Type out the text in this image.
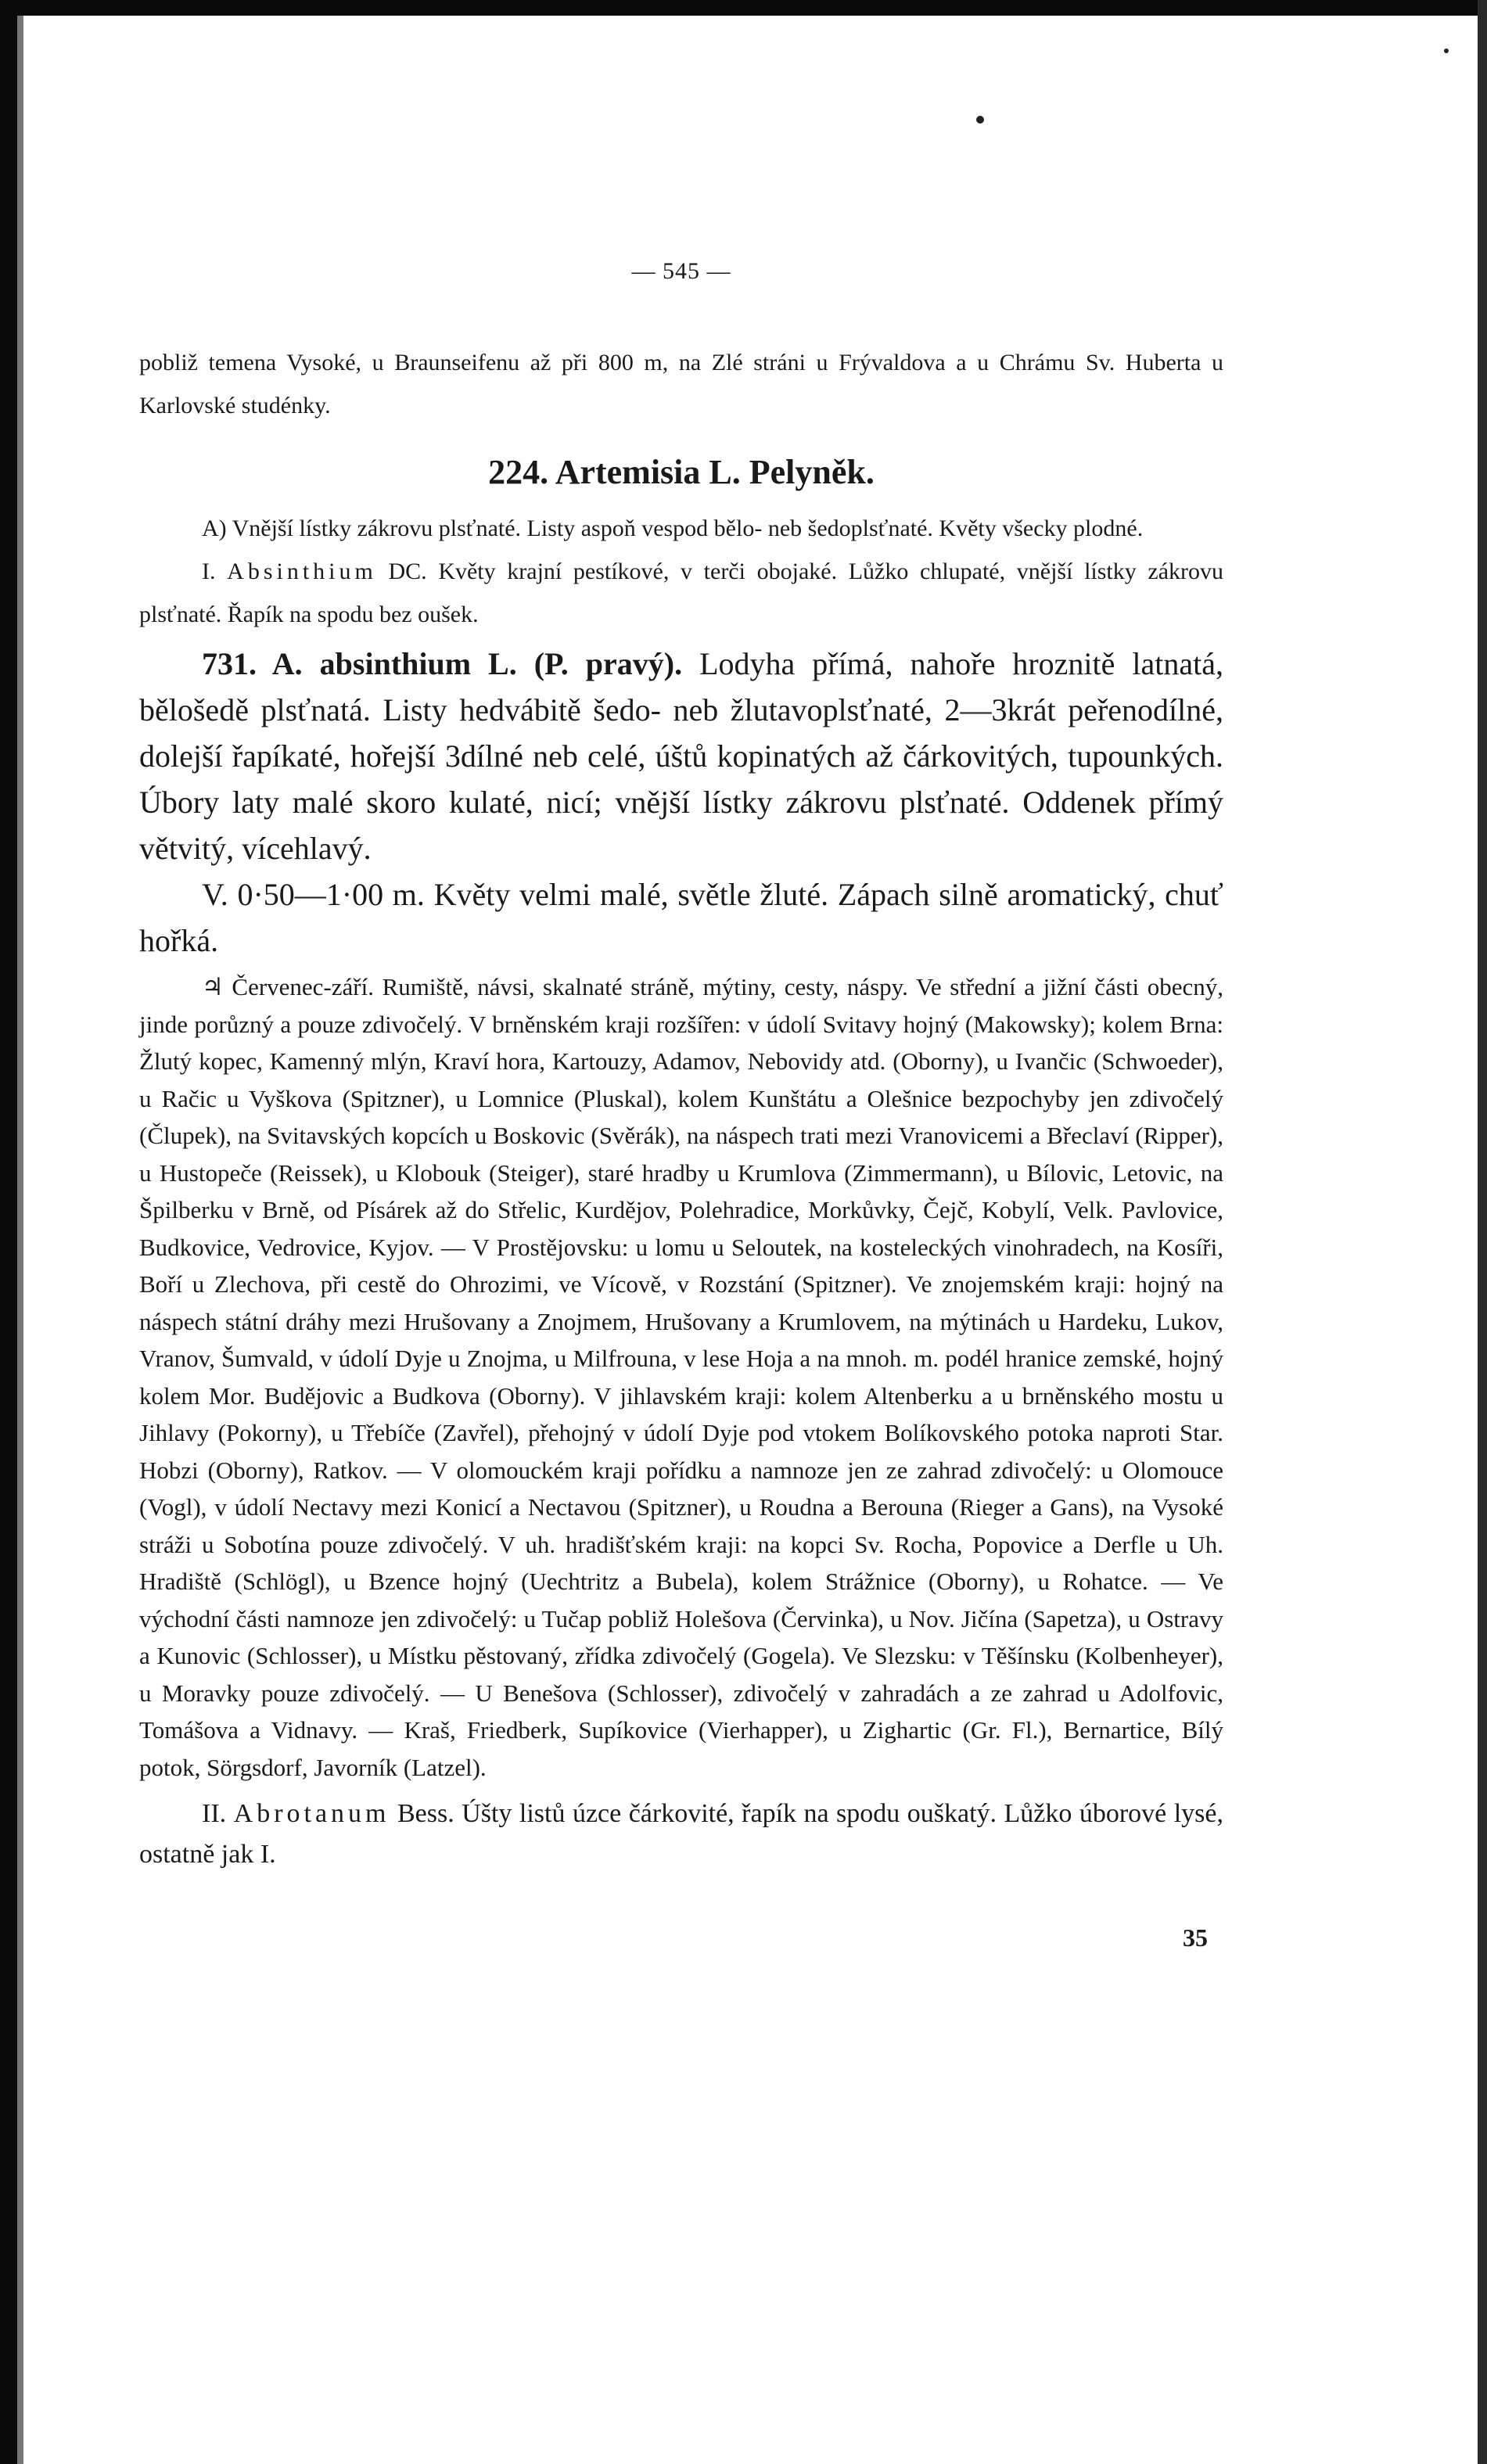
— 545 —

pobliž temena Vysoké, u Braunseifenu až při 800 m, na Zlé stráni u Frývaldova a u Chrámu Sv. Huberta u Karlovské studénky.

224. Artemisia L. Pelyněk.

A) Vnější lístky zákrovu plsťnaté. Listy aspoň vespod bělo- neb šedoplsťnaté. Květy všecky plodné.

I. Absinthium DC. Květy krajní pestíkové, v terči obojaké. Lůžko chlupaté, vnější lístky zákrovu plsťnaté. Řapík na spodu bez oušek.

731. A. absinthium L. (P. pravý). Lodyha přímá, nahoře hroznitě latnatá, bělošedě plsťnatá. Listy hedvábitě šedo- neb žlutavoplsťnaté, 2—3krát peřenodílné, dolejší řapíkaté, hořejší 3dílné neb celé, úštů kopinatých až čárkovitých, tupounkých. Úbory laty malé skoro kulaté, nicí; vnější lístky zákrovu plsťnaté. Oddenek přímý větvitý, vícehlavý.

V. 0·50—1·00 m. Květy velmi malé, světle žluté. Zápach silně aromatický, chuť hořká.

♃ Červenec-září. Rumiště, návsi, skalnaté stráně, mýtiny, cesty, náspy. Ve střední a jižní části obecný, jinde porůzný a pouze zdivočelý. V brněnském kraji rozšířen: v údolí Svitavy hojný (Makowsky); kolem Brna: Žlutý kopec, Kamenný mlýn, Kraví hora, Kartouzy, Adamov, Nebovidy atd. (Oborny), u Ivančic (Schwoeder), u Račic u Vyškova (Spitzner), u Lomnice (Pluskal), kolem Kunštátu a Olešnice bezpochyby jen zdivočelý (Člupek), na Svitavských kopcích u Boskovic (Svěrák), na náspech trati mezi Vranovicemi a Břeclaví (Ripper), u Hustopeče (Reissek), u Klobouk (Steiger), staré hradby u Krumlova (Zimmermann), u Bílovic, Letovic, na Špilberku v Brně, od Písárek až do Střelic, Kurdějov, Polehradice, Morkůvky, Čejč, Kobylí, Velk. Pavlovice, Budkovice, Vedrovice, Kyjov. — V Prostějovsku: u lomu u Seloutek, na kosteleckých vinohradech, na Kosíři, Boří u Zlechova, při cestě do Ohrozimi, ve Vícově, v Rozstání (Spitzner). Ve znojemském kraji: hojný na náspech státní dráhy mezi Hrušovany a Znojmem, Hrušovany a Krumlovem, na mýtinách u Hardeku, Lukov, Vranov, Šumvald, v údolí Dyje u Znojma, u Milfrouna, v lese Hoja a na mnoh. m. podél hranice zemské, hojný kolem Mor. Budějovic a Budkova (Oborny). V jihlavském kraji: kolem Altenberku a u brněnského mostu u Jihlavy (Pokorny), u Třebíče (Zavřel), přehojný v údolí Dyje pod vtokem Bolíkovského potoka naproti Star. Hobzi (Oborny), Ratkov. — V olomouckém kraji pořídku a namnoze jen ze zahrad zdivočelý: u Olomouce (Vogl), v údolí Nectavy mezi Konicí a Nectavou (Spitzner), u Roudna a Berouna (Rieger a Gans), na Vysoké stráži u Sobotína pouze zdivočelý. V uh. hradišťském kraji: na kopci Sv. Rocha, Popovice a Derfle u Uh. Hradiště (Schlögl), u Bzence hojný (Uechtritz a Bubela), kolem Strážnice (Oborny), u Rohatce. — Ve východní části namnoze jen zdivočelý: u Tučap pobliž Holešova (Červinka), u Nov. Jičína (Sapetza), u Ostravy a Kunovic (Schlosser), u Místku pěstovaný, zřídka zdivočelý (Gogela). Ve Slezsku: v Těšínsku (Kolbenheyer), u Moravky pouze zdivočelý. — U Benešova (Schlosser), zdivočelý v zahradách a ze zahrad u Adolfovic, Tomášova a Vidnavy. — Kraš, Friedberk, Supíkovice (Vierhapper), u Zighartic (Gr. Fl.), Bernartice, Bílý potok, Sörgsdorf, Javorník (Latzel).

II. Abrotanum Bess. Úšty listů úzce čárkovité, řapík na spodu ouškatý. Lůžko úborové lysé, ostatně jak I.

35
